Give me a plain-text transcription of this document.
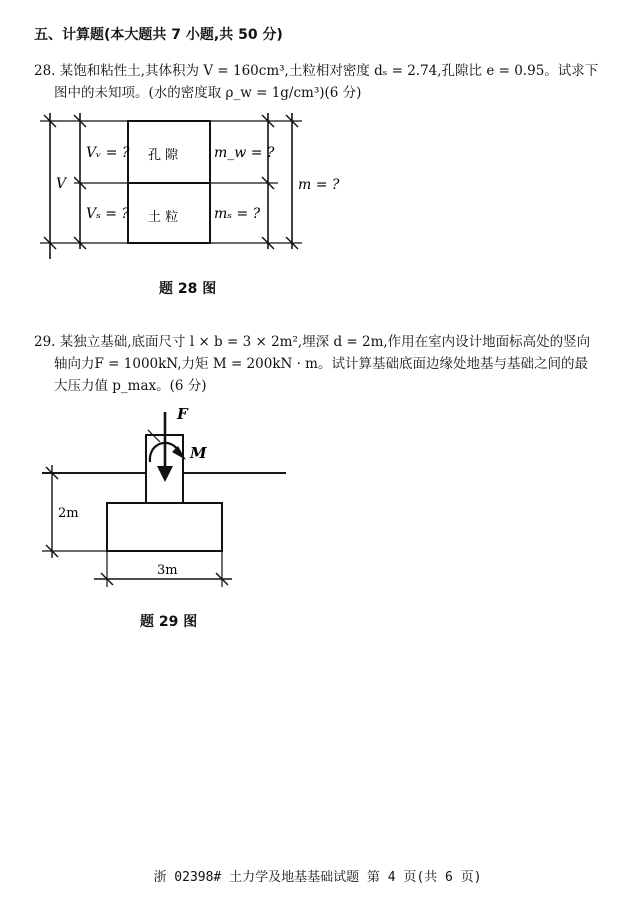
五、计算题(本大题共 7 小题,共 50 分)
28. 某饱和粘性土,其体积为 V = 160cm³,土粒相对密度 dₛ = 2.74,孔隙比 e = 0.95。试求下
图中的未知项。(水的密度取 ρ_w = 1g/cm³)(6 分)
V
Vᵥ = ?
Vₛ = ?
孔 隙
土 粒
m_w = ?
mₛ = ?
m = ?
题 28 图
29. 某独立基础,底面尺寸 l × b = 3 × 2m²,埋深 d = 2m,作用在室内设计地面标高处的竖向
轴向力F = 1000kN,力矩 M = 200kN · m。试计算基础底面边缘处地基与基础之间的最
大压力值 p_max。(6 分)
F
M
2m
3m
题 29 图
浙 02398# 土力学及地基基础试题 第 4 页(共 6 页)
